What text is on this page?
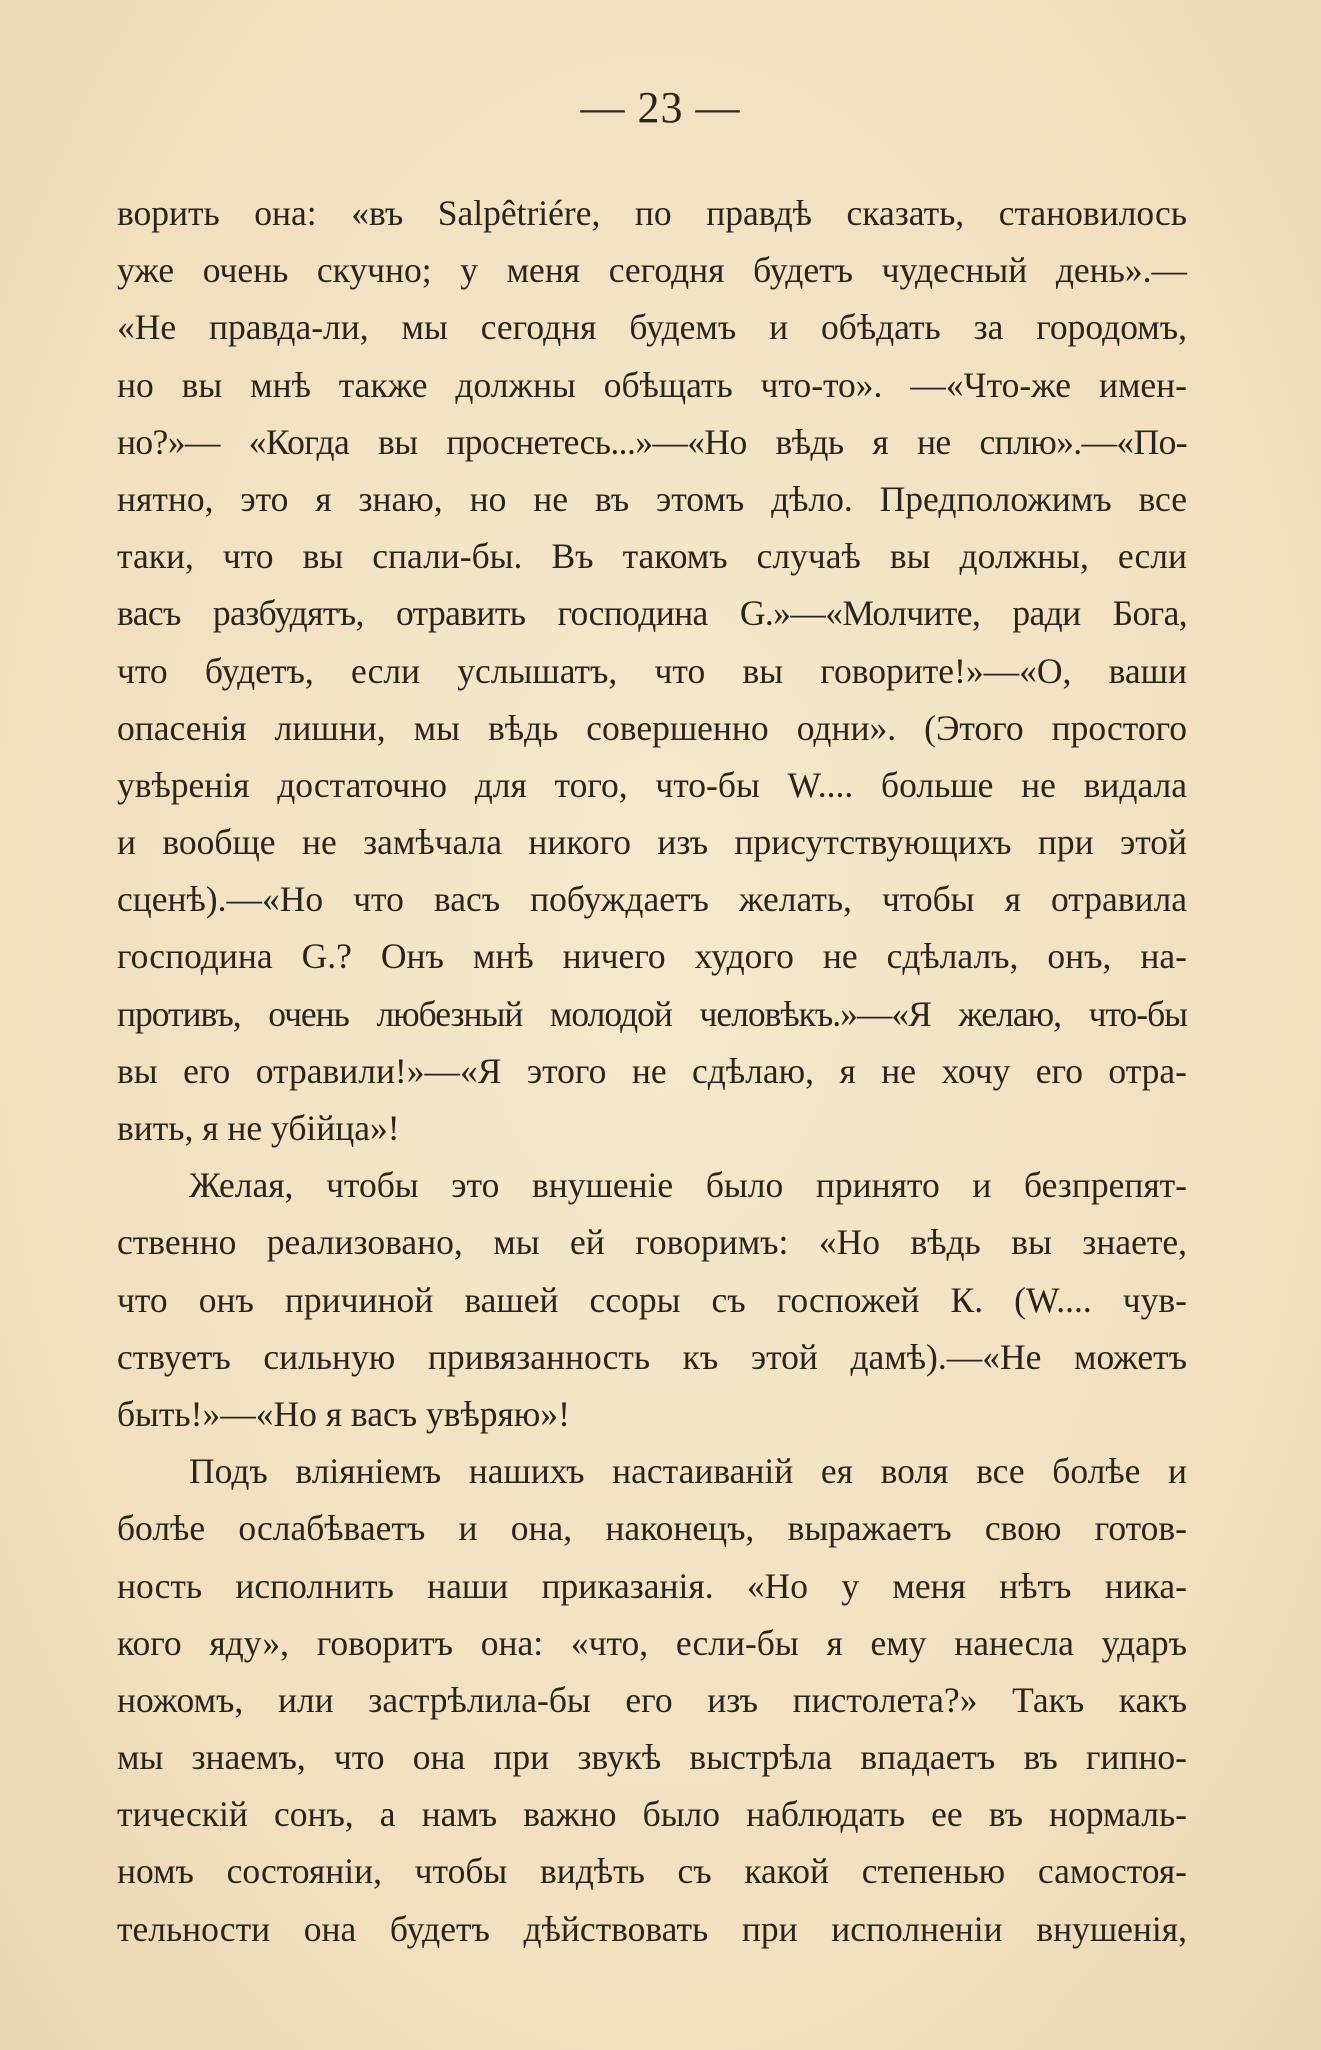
— 23 —
ворить она: «въ Salpêtriére, по правдѣ сказать, становилось
уже очень скучно; у меня сегодня будетъ чудесный день».—
«Не правда-ли, мы сегодня будемъ и обѣдать за городомъ,
но вы мнѣ также должны обѣщать что-то». —«Что-же имен-
но?»— «Когда вы проснетесь...»—«Но вѣдь я не сплю».—«По-
нятно, это я знаю, но не въ этомъ дѣло. Предположимъ все
таки, что вы спали-бы. Въ такомъ случаѣ вы должны, если
васъ разбудятъ, отравить господина G.»—«Молчите, ради Бога,
что будетъ, если услышатъ, что вы говорите!»—«О, ваши
опасенія лишни, мы вѣдь совершенно одни». (Этого простого
увѣренія достаточно для того, что-бы W.... больше не видала
и вообще не замѣчала никого изъ присутствующихъ при этой
сценѣ).—«Но что васъ побуждаетъ желать, чтобы я отравила
господина G.? Онъ мнѣ ничего худого не сдѣлалъ, онъ, на-
противъ, очень любезный молодой человѣкъ.»—«Я желаю, что-бы
вы его отравили!»—«Я этого не сдѣлаю, я не хочу его отра-
вить, я не убійца»!
Желая, чтобы это внушеніе было принято и безпрепят-
ственно реализовано, мы ей говоримъ: «Но вѣдь вы знаете,
что онъ причиной вашей ссоры съ госпожей К. (W.... чув-
ствуетъ сильную привязанность къ этой дамѣ).—«Не можетъ
быть!»—«Но я васъ увѣряю»!
Подъ вліяніемъ нашихъ настаиваній ея воля все болѣе и
болѣе ослабѣваетъ и она, наконецъ, выражаетъ свою готов-
ность исполнить наши приказанія. «Но у меня нѣтъ ника-
кого яду», говоритъ она: «что, если-бы я ему нанесла ударъ
ножомъ, или застрѣлила-бы его изъ пистолета?» Такъ какъ
мы знаемъ, что она при звукѣ выстрѣла впадаетъ въ гипно-
тическій сонъ, а намъ важно было наблюдать ее въ нормаль-
номъ состояніи, чтобы видѣть съ какой степенью самостоя-
тельности она будетъ дѣйствовать при исполненіи внушенія,
